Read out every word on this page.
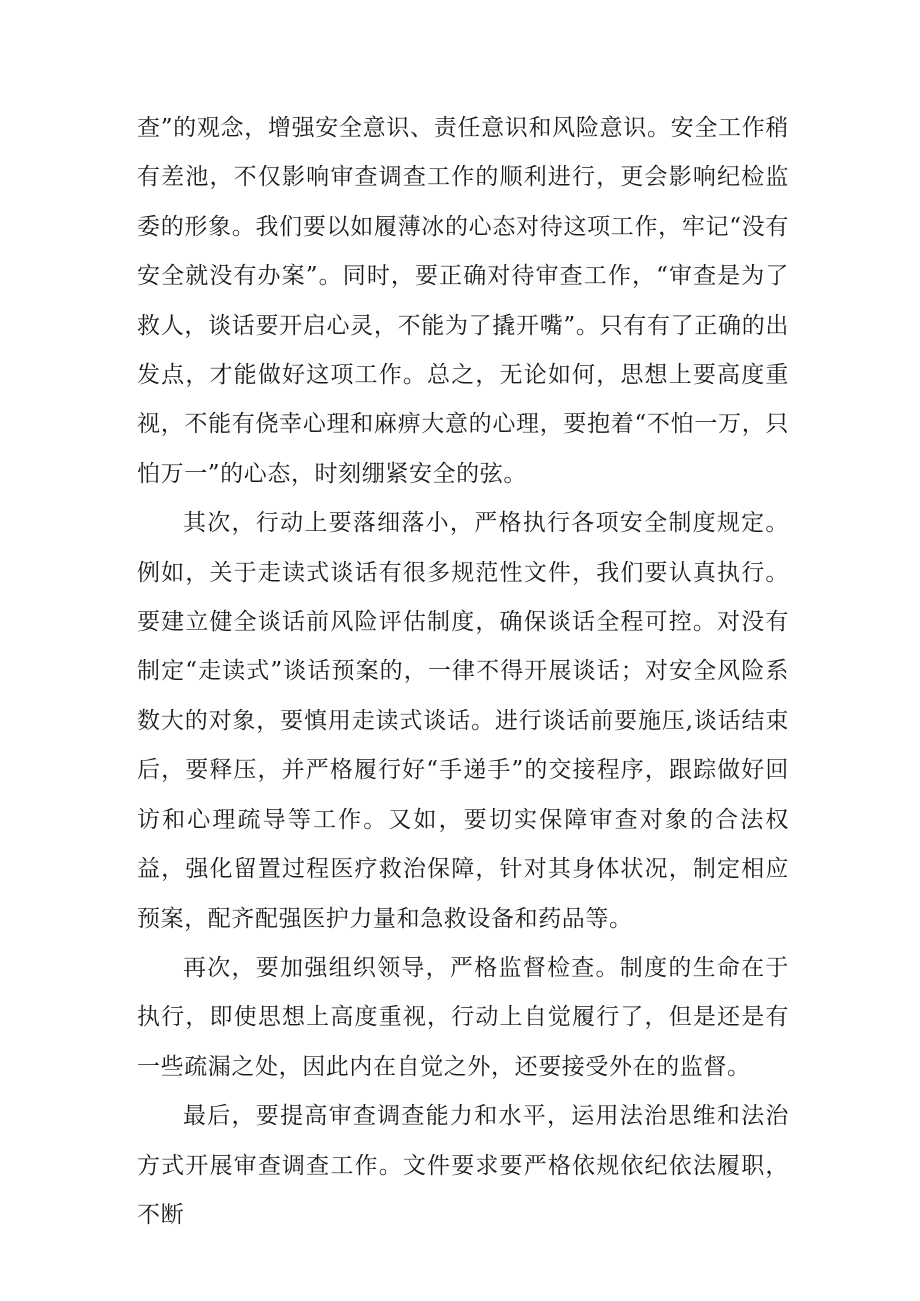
查”的观念，增强安全意识、责任意识和风险意识。安全工作稍有差池，不仅影响审查调查工作的顺利进行，更会影响纪检监委的形象。我们要以如履薄冰的心态对待这项工作，牢记“没有安全就没有办案”。同时，要正确对待审查工作，“审查是为了救人，谈话要开启心灵，不能为了撬开嘴”。只有有了正确的出发点，才能做好这项工作。总之，无论如何，思想上要高度重视，不能有侥幸心理和麻痹大意的心理，要抱着“不怕一万，只怕万一”的心态，时刻绷紧安全的弦。

其次，行动上要落细落小，严格执行各项安全制度规定。例如，关于走读式谈话有很多规范性文件，我们要认真执行。要建立健全谈话前风险评估制度，确保谈话全程可控。对没有制定“走读式”谈话预案的，一律不得开展谈话；对安全风险系数大的对象，要慎用走读式谈话。进行谈话前要施压,谈话结束后，要释压，并严格履行好“手递手”的交接程序，跟踪做好回访和心理疏导等工作。又如，要切实保障审查对象的合法权益，强化留置过程医疗救治保障，针对其身体状况，制定相应预案，配齐配强医护力量和急救设备和药品等。

再次，要加强组织领导，严格监督检查。制度的生命在于执行，即使思想上高度重视，行动上自觉履行了，但是还是有一些疏漏之处，因此内在自觉之外，还要接受外在的监督。

最后，要提高审查调查能力和水平，运用法治思维和法治方式开展审查调查工作。文件要求要严格依规依纪依法履职，不断
